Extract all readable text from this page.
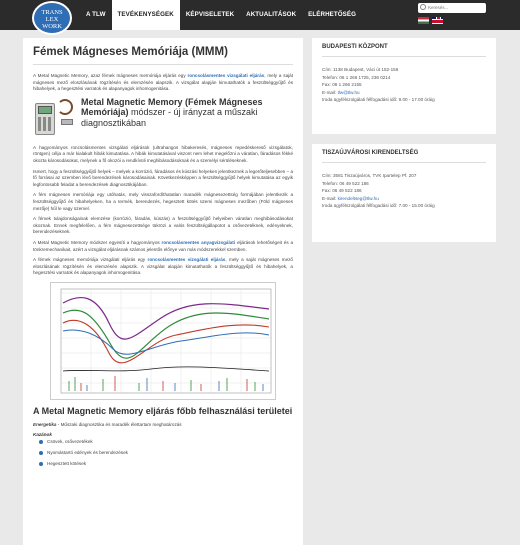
A TLW	TEVÉKENYSÉGEK	KÉPVISELETEK	AKTUALITÁSOK	ELÉRHETŐSÉG
Keresés...
TRANS
LEX
WORK
Fémek Mágneses Memóriája (MMM)

A Metal Magnetic Memory, azaz fémek mágneses memóriája eljárás egy roncsolásmentes vizsgálati eljárás, mely a saját mágneses mező eloszlásának rögzítésén és elemzésén alapszik. A vizsgálat alapján kimutathatók a feszültséggyűjtő és hibahelyek, a hegesztési varratok és alapanyagok inhomogenitása.

Metal Magnetic Memory (Fémek Mágneses Memóriája) módszer - új irányzat a műszaki diagnosztikában

A hagyományos roncsolásmentes vizsgálati eljárások (ultrahangos hibakeresés, mágneses repedéskereső vizsgálatok, röntgen) célja a már kialakult hibák kimutatása. A hibák kimutatásával viszont nem lehet megelőzni a váratlan, fáradásos fékké okozta károsodásokat, melynek a fő okozói a rendkívüli meghibásodásoknak és a személyi sérüléseknek.

Ismert, hogy a feszültséggyűjtő helyek – melyek a korrózió, fáradásos és kúszási helyeken jelentkeznek a legerőteljesebben – a fő forrásai az üzemben lévő berendezések károsodásainak. Következésképpen a feszültséggyűjtő helyek kimutatása az egyik legfontosabb feladat a berendezések diagnosztikájában.

A fém mágneses memóriája egy utóhatás, mely visszafordíthatatlan maradék mágnesezettség formájában jelentkezik a feszültséggyűjtő és hibahelyeken, ha a termék, berendezés, hegesztett kötés üzemi mágneses mezőben (Föld mágneses mezője) hűl le vagy üzemel.

A fémek tulajdonságainak elemzése (korrózió, fáradás, kúszás) a feszültséggyűjtő helyeiben váratlan meghibásodásokat okoznak. Ennek megfelelően, a fém mágnesezettsége tükrözi a valós feszültségállapotot a csővezetéknek, edényeknek, berendezéseknek.

A Metal Magnetic Memory módszer egyesíti a hagyományos roncsolásmentes anyagvizsgálati eljárások lehetőségeit és a tönkremechanikait, azért a vizsgálat eljárásnak számos jelentős előnye van más módszerekkel szemben.

A fémek mágneses memóriája vizsgálati eljárás egy roncsolásmentes vizsgálati eljárás, mely a saját mágneses mező eloszlásának rögzítésén és elemzésén alapszik. A vizsgálat alapján kimutathatók a feszültséggyűjtő és hibahelyek, a hegesztési varratok és alapanyagok inhomogenitása.

A Metal Magnetic Memory eljárás főbb felhasználási területei

Energetika - Műszaki diagnosztika és maradék élettartam meghatározás

Kazánok
Csövek, csővezetékek
Nyomástartó edények és berendezések
Hegesztett kötések
BUDAPESTI KÖZPONT
Cím: 1138 Budapest, Váci út 152-156
Telefon: 06 1 266 1725, 236 0214
Fax: 06 1 266 2155
E-mail: tlw@tlw.hu
Iroda ügyfélszolgálati félfogadási idő: 9.00 - 17.00 óráig
TISZAÚJVÁROSI KIRENDELTSÉG
Cím: 3581 Tiszaújváros, TVK Ipartelep Pf. 207
Telefon: 06 49 522 186
Fax: 06 49 522 186
E-mail: kirendeltseg@tlw.hu
Iroda ügyfélszolgálati félfogadási idő: 7.00 - 15.00 óráig
